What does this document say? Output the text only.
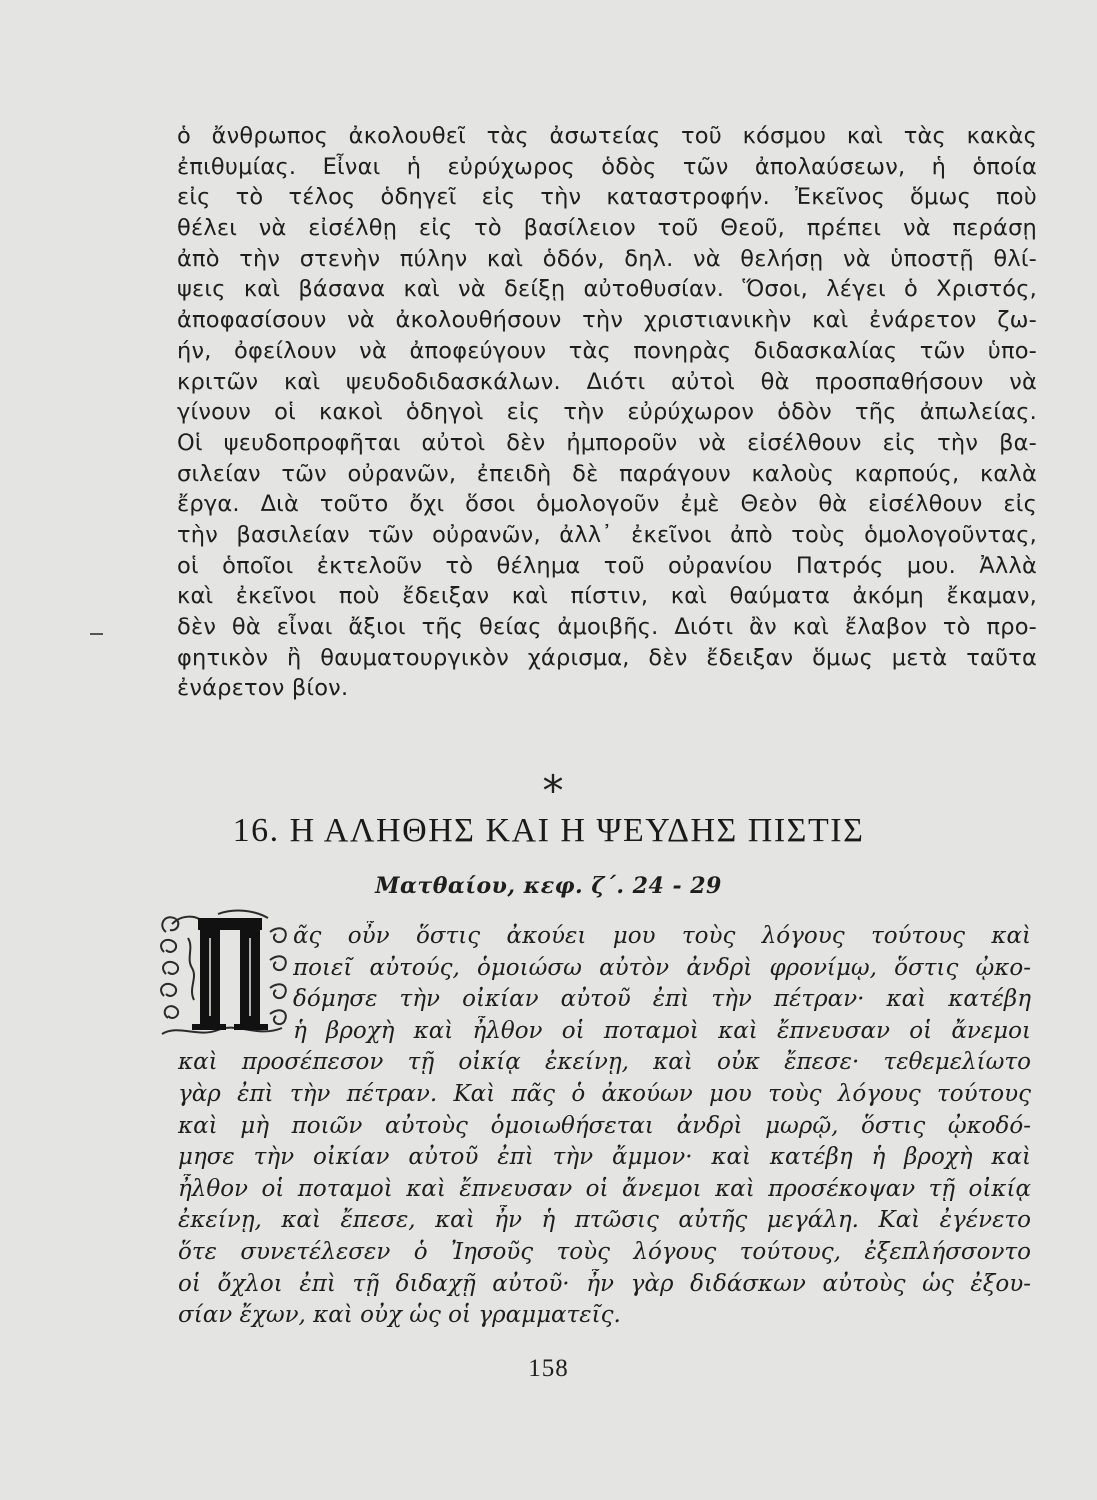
ὁ ἄνθρωπος ἀκολουθεῖ τὰς ἀσωτείας τοῦ κόσμου καὶ τὰς κακὰς
ἐπιθυμίας. Εἶναι ἡ εὐρύχωρος ὁδὸς τῶν ἀπολαύσεων, ἡ ὁποία
εἰς τὸ τέλος ὁδηγεῖ εἰς τὴν καταστροφήν. Ἐκεῖνος ὅμως ποὺ
θέλει νὰ εἰσέλθῃ εἰς τὸ βασίλειον τοῦ Θεοῦ, πρέπει νὰ περάσῃ
ἀπὸ τὴν στενὴν πύλην καὶ ὁδόν, δηλ. νὰ θελήσῃ νὰ ὑποστῇ θλί-
ψεις καὶ βάσανα καὶ νὰ δείξῃ αὐτοθυσίαν. Ὅσοι, λέγει ὁ Χριστός,
ἀποφασίσουν νὰ ἀκολουθήσουν τὴν χριστιανικὴν καὶ ἐνάρετον ζω-
ήν, ὀφείλουν νὰ ἀποφεύγουν τὰς πονηρὰς διδασκαλίας τῶν ὑπο-
κριτῶν καὶ ψευδοδιδασκάλων. Διότι αὐτοὶ θὰ προσπαθήσουν νὰ
γίνουν οἱ κακοὶ ὁδηγοὶ εἰς τὴν εὐρύχωρον ὁδὸν τῆς ἀπωλείας.
Οἱ ψευδοπροφῆται αὐτοὶ δὲν ἠμποροῦν νὰ εἰσέλθουν εἰς τὴν βα-
σιλείαν τῶν οὐρανῶν, ἐπειδὴ δὲ παράγουν καλοὺς καρπούς, καλὰ
ἔργα. Διὰ τοῦτο ὄχι ὅσοι ὁμολογοῦν ἐμὲ Θεὸν θὰ εἰσέλθουν εἰς
τὴν βασιλείαν τῶν οὐρανῶν, ἀλλ᾽ ἐκεῖνοι ἀπὸ τοὺς ὁμολογοῦντας,
οἱ ὁποῖοι ἐκτελοῦν τὸ θέλημα τοῦ οὐρανίου Πατρός μου. Ἀλλὰ
καὶ ἐκεῖνοι ποὺ ἔδειξαν καὶ πίστιν, καὶ θαύματα ἀκόμη ἔκαμαν,
δὲν θὰ εἶναι ἄξιοι τῆς θείας ἀμοιβῆς. Διότι ἂν καὶ ἔλαβον τὸ προ-
φητικὸν ἢ θαυματουργικὸν χάρισμα, δὲν ἔδειξαν ὅμως μετὰ ταῦτα
ἐνάρετον βίον.
*
16. Η ΑΛΗΘΗΣ ΚΑΙ Η ΨΕΥΔΗΣ ΠΙΣΤΙΣ
Ματθαίου, κεφ. ζ΄. 24 - 29
ᾶς οὖν ὅστις ἀκούει μου τοὺς λόγους τούτους καὶ
ποιεῖ αὐτούς, ὁμοιώσω αὐτὸν ἀνδρὶ φρονίμῳ, ὅστις ᾠκο-
δόμησε τὴν οἰκίαν αὐτοῦ ἐπὶ τὴν πέτραν· καὶ κατέβη
ἡ βροχὴ καὶ ἦλθον οἱ ποταμοὶ καὶ ἔπνευσαν οἱ ἄνεμοι
καὶ προσέπεσον τῇ οἰκίᾳ ἐκείνῃ, καὶ οὐκ ἔπεσε· τεθεμελίωτο
γὰρ ἐπὶ τὴν πέτραν. Καὶ πᾶς ὁ ἀκούων μου τοὺς λόγους τούτους
καὶ μὴ ποιῶν αὐτοὺς ὁμοιωθήσεται ἀνδρὶ μωρῷ, ὅστις ᾠκοδό-
μησε τὴν οἰκίαν αὐτοῦ ἐπὶ τὴν ἄμμον· καὶ κατέβη ἡ βροχὴ καὶ
ἦλθον οἱ ποταμοὶ καὶ ἔπνευσαν οἱ ἄνεμοι καὶ προσέκοψαν τῇ οἰκίᾳ
ἐκείνῃ, καὶ ἔπεσε, καὶ ἦν ἡ πτῶσις αὐτῆς μεγάλη. Καὶ ἐγένετο
ὅτε συνετέλεσεν ὁ Ἰησοῦς τοὺς λόγους τούτους, ἐξεπλήσσοντο
οἱ ὄχλοι ἐπὶ τῇ διδαχῇ αὐτοῦ· ἦν γὰρ διδάσκων αὐτοὺς ὡς ἐξου-
σίαν ἔχων, καὶ οὐχ ὡς οἱ γραμματεῖς.
158
